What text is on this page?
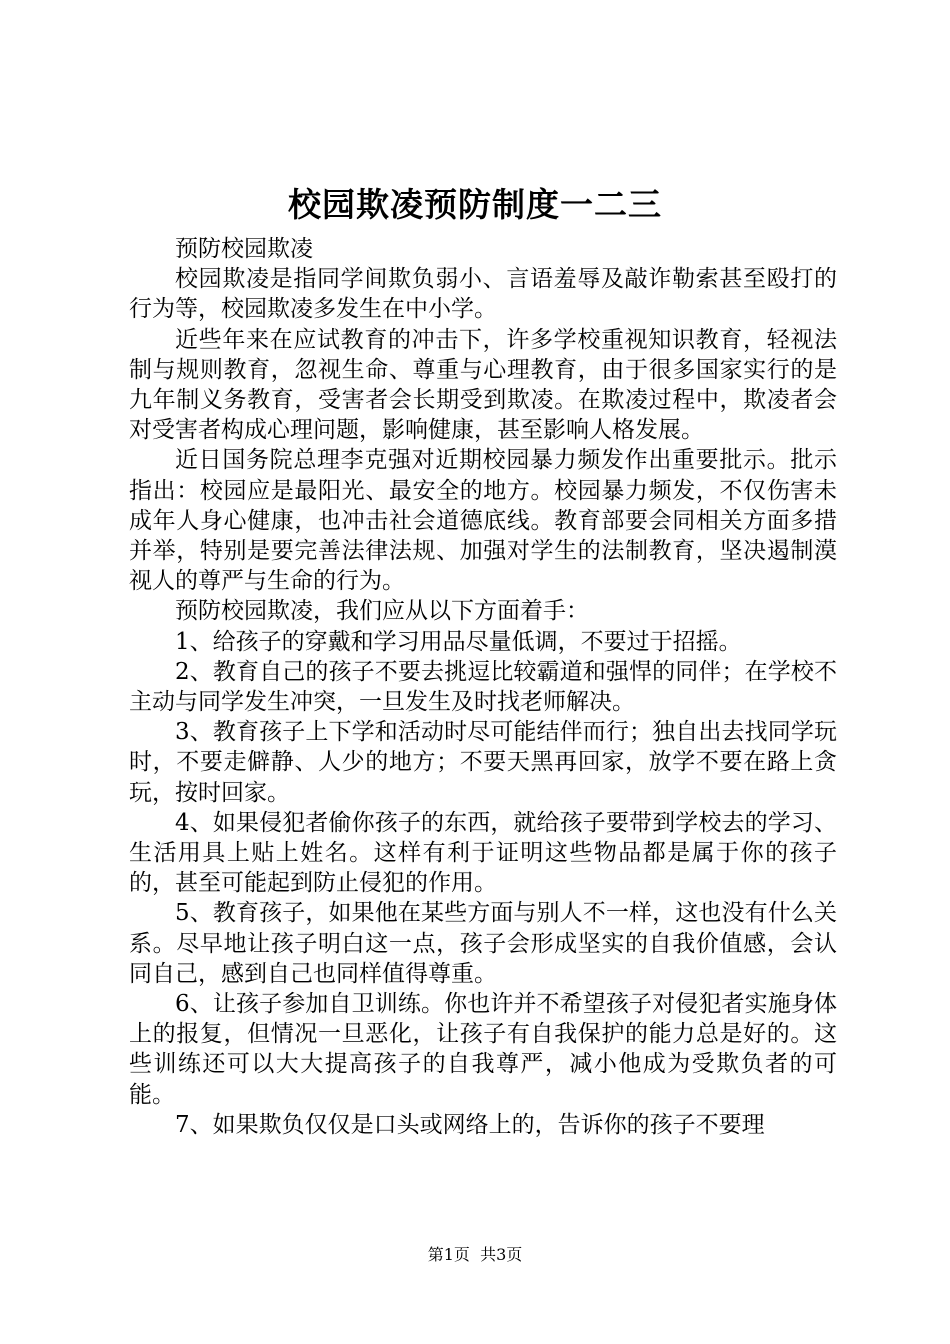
校园欺凌预防制度一二三

预防校园欺凌

校园欺凌是指同学间欺负弱小、言语羞辱及敲诈勒索甚至殴打的行为等，校园欺凌多发生在中小学。

近些年来在应试教育的冲击下，许多学校重视知识教育，轻视法制与规则教育，忽视生命、尊重与心理教育，由于很多国家实行的是九年制义务教育，受害者会长期受到欺凌。在欺凌过程中，欺凌者会对受害者构成心理问题，影响健康，甚至影响人格发展。

近日国务院总理李克强对近期校园暴力频发作出重要批示。批示指出：校园应是最阳光、最安全的地方。校园暴力频发，不仅伤害未成年人身心健康，也冲击社会道德底线。教育部要会同相关方面多措并举，特别是要完善法律法规、加强对学生的法制教育，坚决遏制漠视人的尊严与生命的行为。

预防校园欺凌，我们应从以下方面着手：

1、给孩子的穿戴和学习用品尽量低调，不要过于招摇。

2、教育自己的孩子不要去挑逗比较霸道和强悍的同伴；在学校不主动与同学发生冲突，一旦发生及时找老师解决。

3、教育孩子上下学和活动时尽可能结伴而行；独自出去找同学玩时，不要走僻静、人少的地方；不要天黑再回家，放学不要在路上贪玩，按时回家。

4、如果侵犯者偷你孩子的东西，就给孩子要带到学校去的学习、生活用具上贴上姓名。这样有利于证明这些物品都是属于你的孩子的，甚至可能起到防止侵犯的作用。

5、教育孩子，如果他在某些方面与别人不一样，这也没有什么关系。尽早地让孩子明白这一点，孩子会形成坚实的自我价值感，会认同自己，感到自己也同样值得尊重。

6、让孩子参加自卫训练。你也许并不希望孩子对侵犯者实施身体上的报复，但情况一旦恶化，让孩子有自我保护的能力总是好的。这些训练还可以大大提高孩子的自我尊严，减小他成为受欺负者的可能。

7、如果欺负仅仅是口头或网络上的，告诉你的孩子不要理

第1页 共3页
